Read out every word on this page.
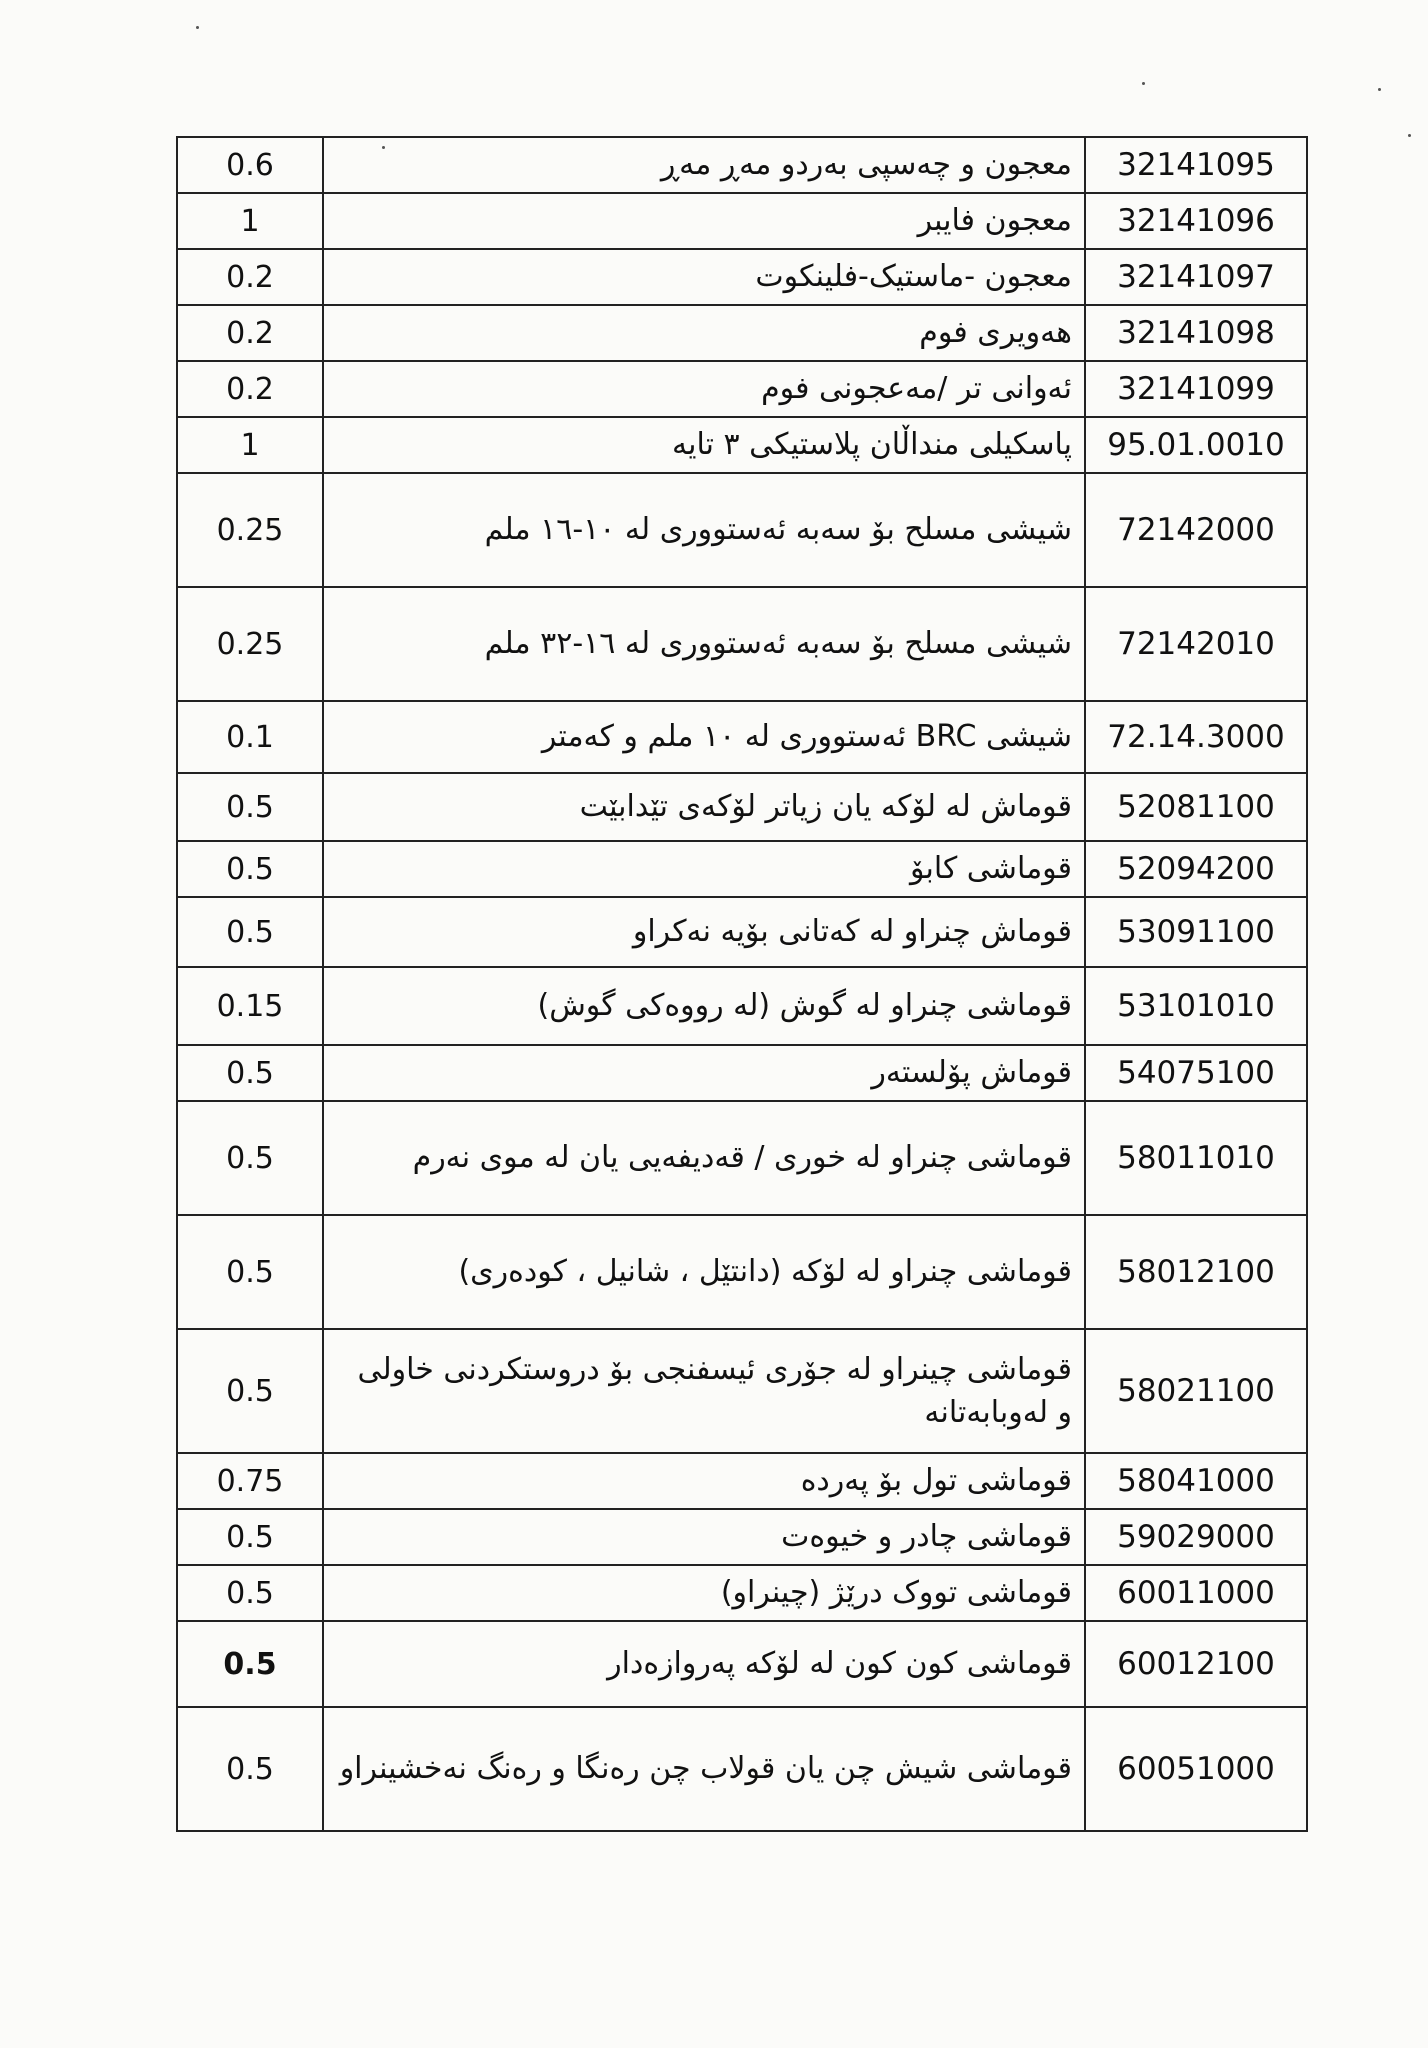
0.6	معجون و چەسپی بەردو مەڕ مەڕ	32141095
1	معجون فایبر	32141096
0.2	معجون -ماستیک-فلینکوت	32141097
0.2	هەویری فوم	32141098
0.2	ئەوانی تر /مەعجونی فوم	32141099
1	پاسکیلی منداڵان پلاستیکی ٣ تایە	95.01.0010
0.25	شیشی مسلح بۆ سەبە ئەستووری لە ١٠-١٦ ملم	72142000
0.25	شیشی مسلح بۆ سەبە ئەستووری لە ١٦-٣٢ ملم	72142010
0.1	شیشی BRC ئەستووری لە ١٠ ملم و کەمتر	72.14.3000
0.5	قوماش لە لۆکە یان زیاتر لۆکەی تێدابێت	52081100
0.5	قوماشی کابۆ	52094200
0.5	قوماش چنراو لە کەتانی بۆیە نەکراو	53091100
0.15	قوماشی چنراو لە گوش (لە رووەکی گوش)	53101010
0.5	قوماش پۆلستەر	54075100
0.5	قوماشی چنراو لە خوری / قەدیفەیی یان لە موی نەرم	58011010
0.5	قوماشی چنراو لە لۆکە (دانتێل ، شانیل ، کودەری)	58012100
0.5	قوماشی چینراو لە جۆری ئیسفنجی بۆ دروستکردنی خاولی و لەوبابەتانە	58021100
0.75	قوماشی تول بۆ پەردە	58041000
0.5	قوماشی چادر و خیوەت	59029000
0.5	قوماشی تووک درێژ (چینراو)	60011000
0.5	قوماشی کون کون لە لۆکە پەروازەدار	60012100
0.5	قوماشی شیش چن یان قولاب چن رەنگا و رەنگ نەخشینراو	60051000
